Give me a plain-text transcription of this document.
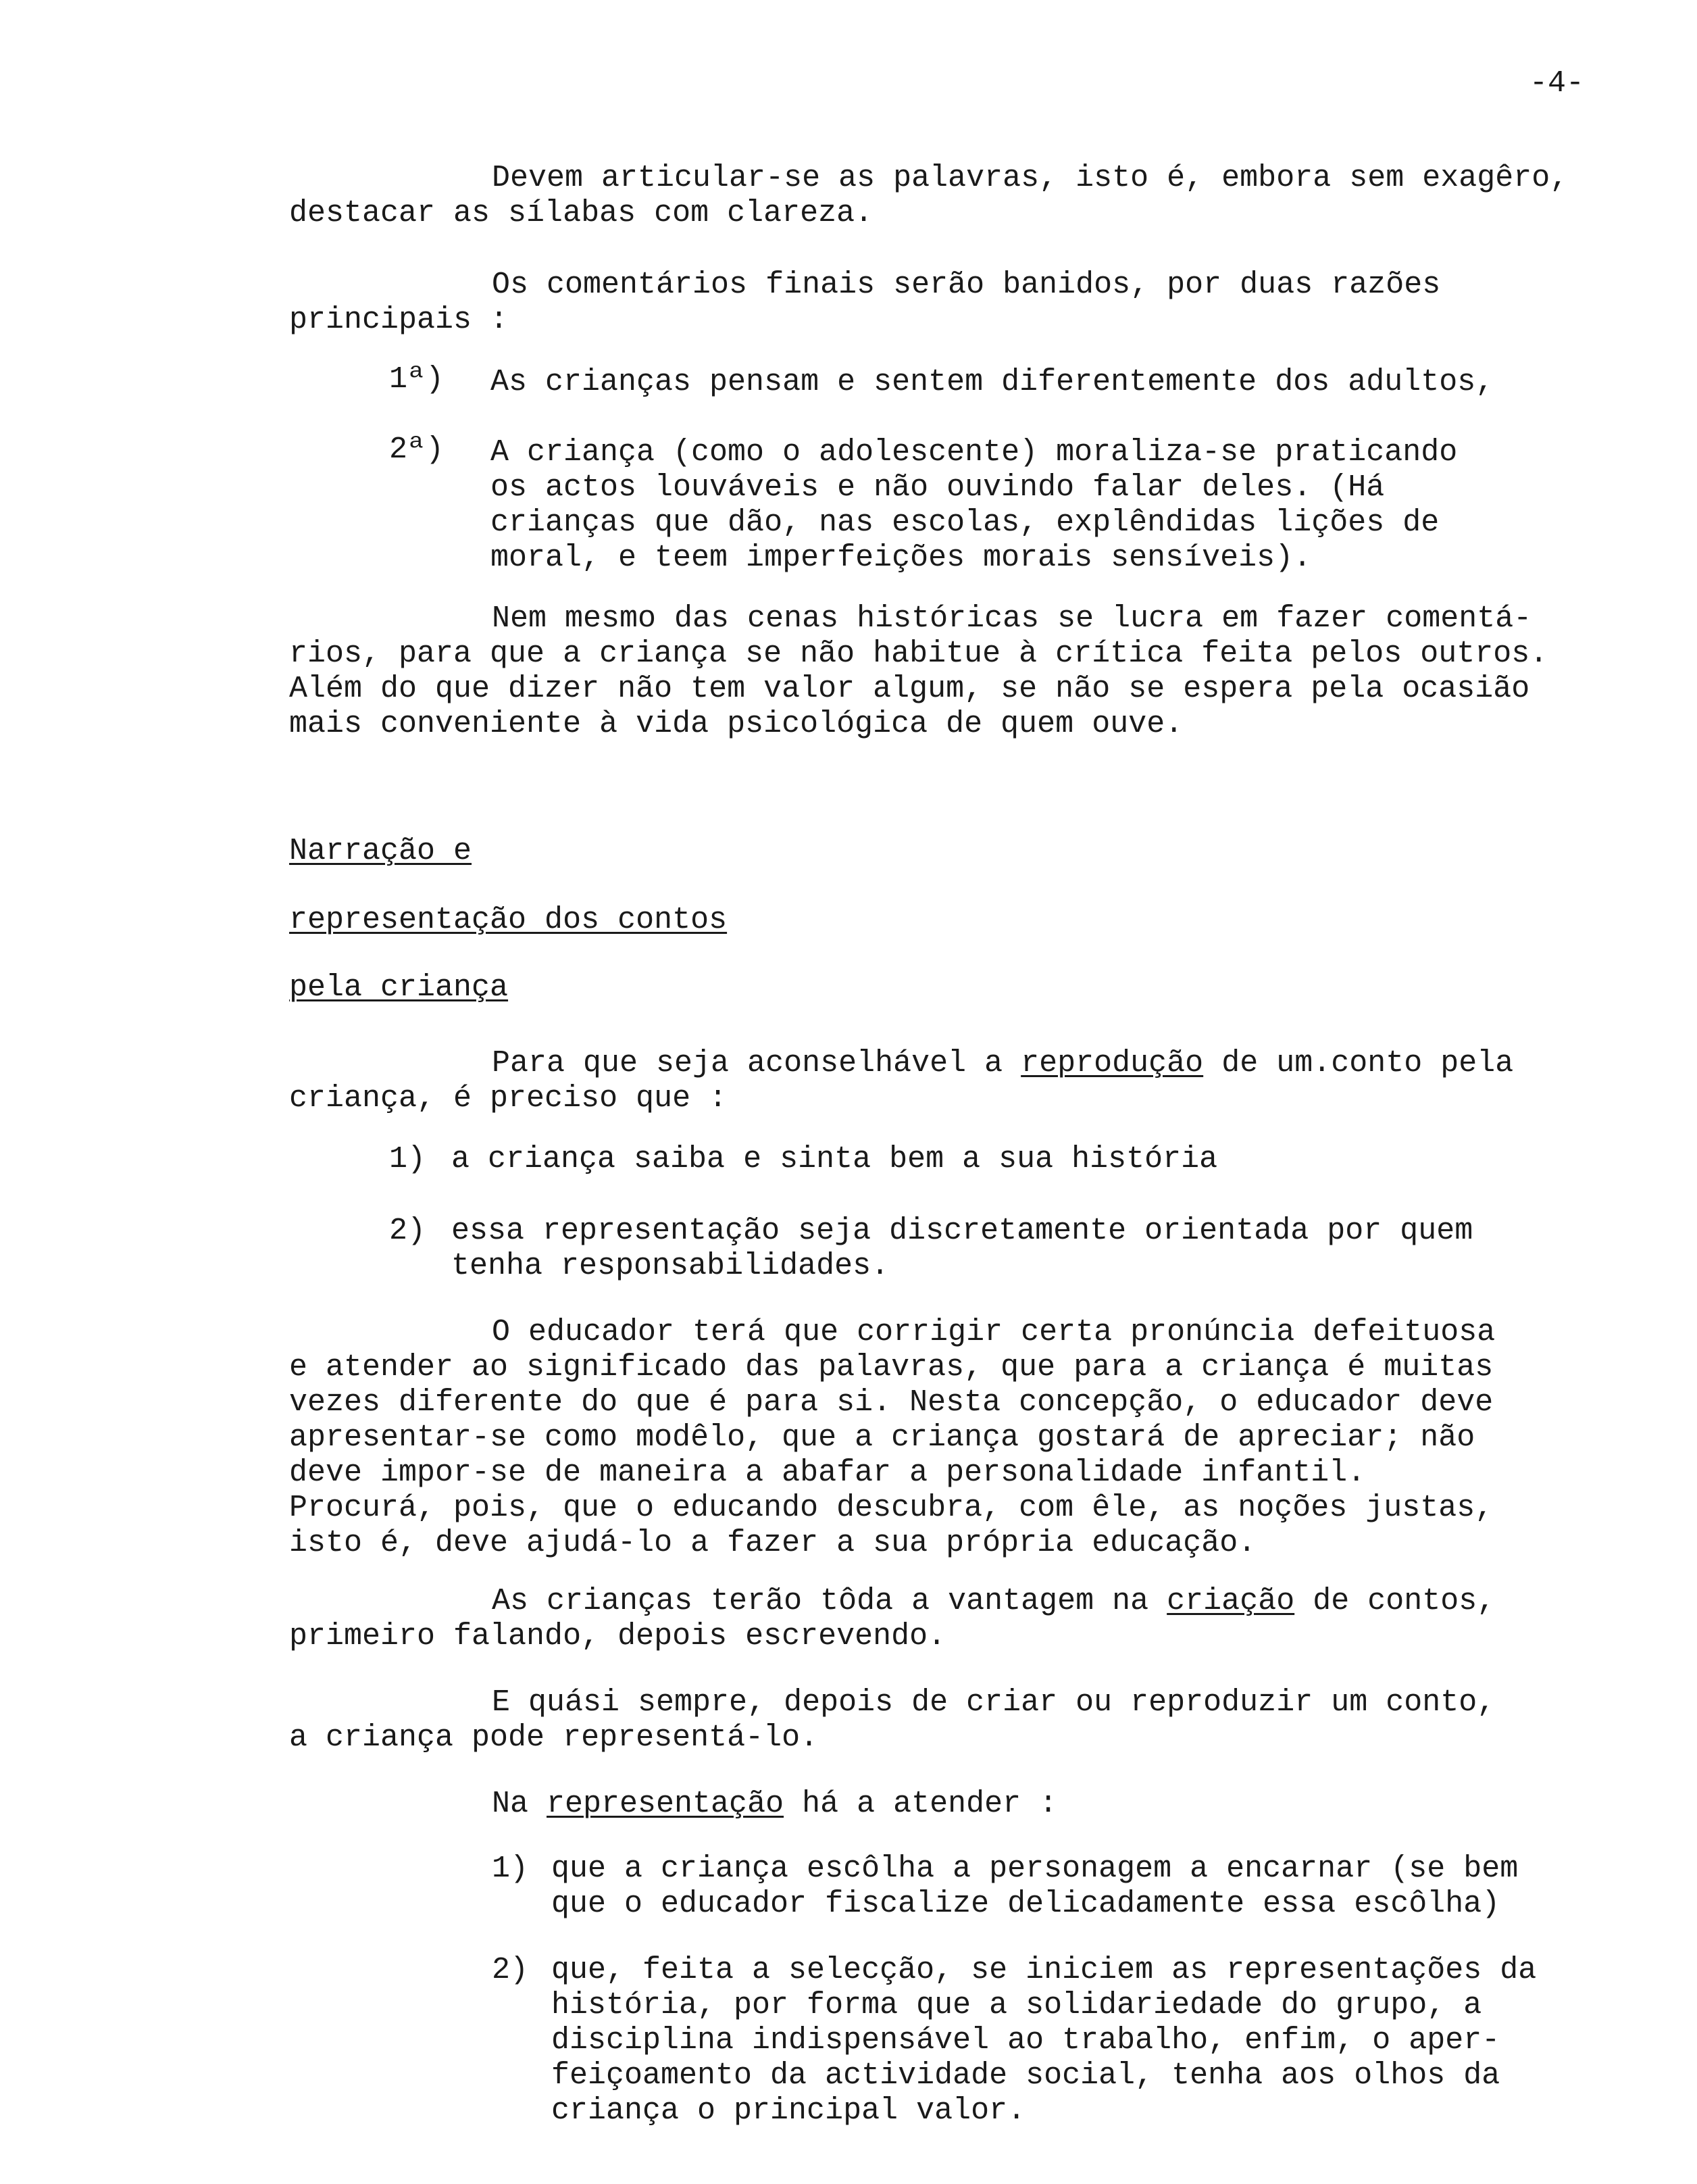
-4-
Devem articular-se as palavras, isto é, embora sem exagêro,
destacar as sílabas com clareza.
Os comentários finais serão banidos, por duas razões
principais :
1ª) As crianças pensam e sentem diferentemente dos adultos,
2ª) A criança (como o adolescente) moraliza-se praticando
os actos louváveis e não ouvindo falar deles. (Há
crianças que dão, nas escolas, explêndidas lições de
moral, e teem imperfeições morais sensíveis).
Nem mesmo das cenas históricas se lucra em fazer comentá-
rios, para que a criança se não habitue à crítica feita pelos outros.
Além do que dizer não tem valor algum, se não se espera pela ocasião
mais conveniente à vida psicológica de quem ouve.
Narração e
representação dos contos
pela criança
Para que seja aconselhável a reprodução de um.conto pela
criança, é preciso que :
1) a criança saiba e sinta bem a sua história
2) essa representação seja discretamente orientada por quem
tenha responsabilidades.
O educador terá que corrigir certa pronúncia defeituosa
e atender ao significado das palavras, que para a criança é muitas
vezes diferente do que é para si. Nesta concepção, o educador deve
apresentar-se como modêlo, que a criança gostará de apreciar; não
deve impor-se de maneira a abafar a personalidade infantil.
Procurá, pois, que o educando descubra, com êle, as noções justas,
isto é, deve ajudá-lo a fazer a sua própria educação.
As crianças terão tôda a vantagem na criação de contos,
primeiro falando, depois escrevendo.
E quási sempre, depois de criar ou reproduzir um conto,
a criança pode representá-lo.
Na representação há a atender :
1) que a criança escôlha a personagem a encarnar (se bem
que o educador fiscalize delicadamente essa escôlha)
2) que, feita a selecção, se iniciem as representações da
história, por forma que a solidariedade do grupo, a
disciplina indispensável ao trabalho, enfim, o aper-
feiçoamento da actividade social, tenha aos olhos da
criança o principal valor.
